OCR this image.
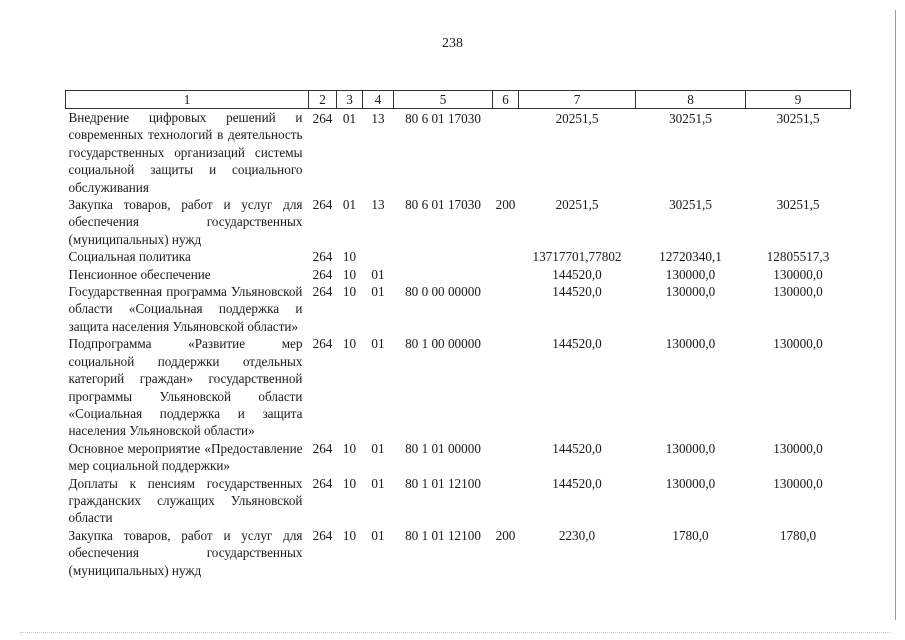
238
1	2	3	4	5	6	7	8	9
Внедрение цифровых решений и современных технологий в деятельность государственных организаций системы социальной защиты и социального обслуживания	264	01	13	80 6 01 17030		20251,5	30251,5	30251,5
Закупка товаров, работ и услуг для обеспечения государственных (муниципальных) нужд	264	01	13	80 6 01 17030	200	20251,5	30251,5	30251,5
Социальная политика	264	10				13717701,77802	12720340,1	12805517,3
Пенсионное обеспечение	264	10	01			144520,0	130000,0	130000,0
Государственная программа Ульяновской области «Социальная поддержка и защита населения Ульяновской области»	264	10	01	80 0 00 00000		144520,0	130000,0	130000,0
Подпрограмма «Развитие мер социальной поддержки отдельных категорий граждан» государственной программы Ульяновской области «Социальная поддержка и защита населения Ульяновской области»	264	10	01	80 1 00 00000		144520,0	130000,0	130000,0
Основное мероприятие «Предоставление мер социальной поддержки»	264	10	01	80 1 01 00000		144520,0	130000,0	130000,0
Доплаты к пенсиям государственных гражданских служащих Ульяновской области	264	10	01	80 1 01 12100		144520,0	130000,0	130000,0
Закупка товаров, работ и услуг для обеспечения государственных (муниципальных) нужд	264	10	01	80 1 01 12100	200	2230,0	1780,0	1780,0
